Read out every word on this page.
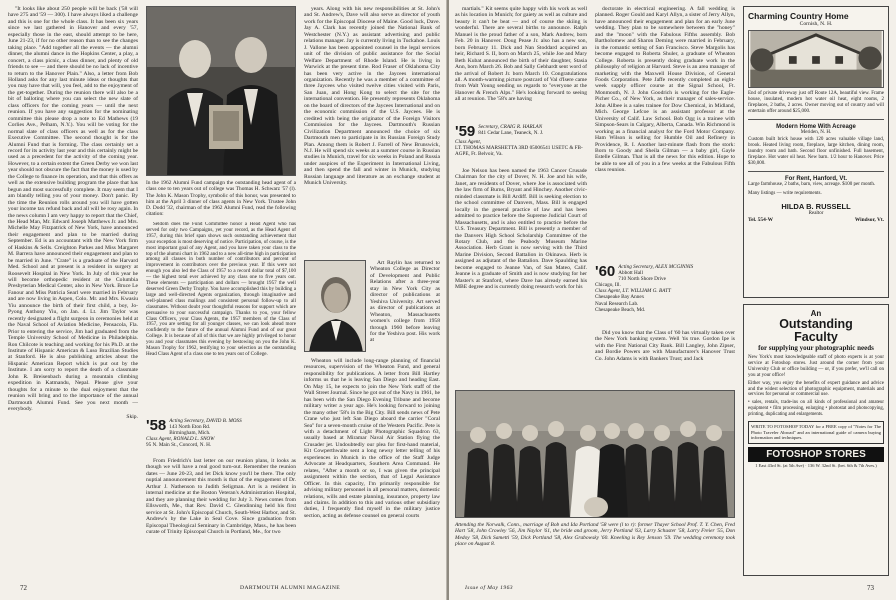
"It looks like about 250 people will be back ('58 will have 275 and '59 — 300). I have always liked a challenge and this is one for the whole class. It has been six years since we last gathered in Hanover and every '57, especially those in the east, should attempt to be here, June 21-23, if for no other reason than to see the changes taking place. "Add together all the events — the alumni dinner, the alumni dance in the Hopkins Center, a play, a concert, a class picnic, a class dinner, and plenty of old friends to see — and there should be no lack of incentive to return to the Hanover Plain." Also, a letter from Bob Holland asks for any last minute ideas or thoughts that you may have that will, you feel, add to the enjoyment of the get-together. During the reunion there will also be a bit of balloting where you can select the new slate of class officers for the coming years — until the next reunion. If you have any suggestion for the nominating committee this please drop a note to Ed Mathews (19 Corlies Ave., Pelham, N.Y.). You will be voting for the normal slate of class officers as well as for the class Executive Committee. The second thought is for the Alumni Fund that is forming. The class certainly set a record for its activity last year and this certainly might be used as a precedent for the activity of the coming year. However, to a certain extent the Green Derby we won last year should not obscure the fact that the money is used by the College to finance its operation, and that this offers as well as the extensive building program the place that has begun and most successfully complete. It may seem that I am blandly telling you of your money. Don't panic. By the time the Reunion rolls around you will have gotten your income tax refund back and all will be rosy again. In the news column I am very happy to report that the Chief, the Head Man, Mr. Edward Joseph Matthews Jr. and Mrs. Michelle May Fitzpatrick of New York, have announced their engagement and plan to be married during September. Ed is an accountant with the New York firm of Haskins & Sells. Creighton Parkes and Miss Margaret M. Barrera have announced their engagement and plan to be married in June. "Crate" is a graduate of the Harvard Med. School and at present is a resident in surgery at Roosevelt Hospital in New York. In July of this year he will become orthopedic resident at the Columbia Presbyterian Medical Center, also in New York. Bruce Le Fanour and Miss Patricia Searl were married in February and are now living in Aspen, Colo. Mr. and Mrs. Kwasiu Yiu announce the birth of their first child, a boy, Jo-Pyong Anthony Yiu, on Jan. 4. Lt. Jim Taylor was recently designated a flight surgeon in ceremonies held at the Naval School of Aviation Medicine, Pensacola, Fla. Prior to entering the service, Jim had graduated from the Temple University School of Medicine in Philadelphia. Ron Chilcote is teaching and working for his Ph.D. at the Institute of Hispanic American & Luso Brazilian Studies at Stanford. He is also publishing articles about the Hispanic American Report which is put out by the Institute. I am sorry to report the death of a classmate John R. Breisenbach during a mountain climbing expedition in Katmandu, Nepal. Please give your thoughts for a minute to the dual enjoyment that the reunion will bring and to the importance of the annual Dartmouth Alumni Fund. See you next month — everybody.

Skip.

In the 1962 Alumni Fund campaign the outstanding head agent of a class one to ten years out of college was Thomas H. Schwarz '57 (l). The John K. Mason Trophy, symbolic of this honor, was presented to him at the April 3 dinner of class agents in New York. Trustee John D. Dodd '32, chairman of the 1962 Alumni Fund, read the following citation:

Seldom does the Fund Committee honor a Head Agent who has served for only two Campaigns, yet your record, as the Head Agent of 1957, during this brief span shows such outstanding achievement that your exception is most deserving of notice. Participation, of course, is the most important goal of any Agent, and you have taken your class to the top of the alumni chart in 1962 and to a new all-time high in participation among all classes in both number of contributors and percent of improvement in contributors over the previous year. If this were not enough you also led the Class of 1957 to a record dollar total of $7,100 — the highest total ever achieved by any class one to five years out. These elements — participation and dollars — brought 1957 the well deserved Green Derby Trophy. You have accomplished this by building a large and well-directed Agents organization, through imaginative and well-planned class mailings and consistent personal follow-up to all classmates. Without doubt your thoughtful reasons for support which are persuasive to your successful campaign. Thanks to you, your fellow Class Officers, your Class Agents, the 1957 members of the Class of 1957, you are setting for all younger classes, we can look ahead more confidently to the future of the annual Alumni Fund and of our great College. It is because of all of this that we are highly privileged to honor you and your classmates this evening by bestowing on you the John K. Mason Trophy for 1962, testifying to your selection as the outstanding Head Class Agent of a class one to ten years out of College.

'58 Acting Secretary, DAVID B. MOSS
143 North Eton Rd.
Birmingham, Mich.
Class Agent, RONALD L. SNOW
95 N. Main St., Concord, N. H.

From Friedrich's last letter on our reunion plans, it looks as though we will have a real good turn-out. Remember the reunion dates — June 20-23, and let Dick know you'll be there. The only nuptial announcement this month is that of the engagement of Dr. Arthur J. Nathenson to Judith Seligman. Art is a resident in internal medicine at the Boston Veteran's Administration Hospital, and they are planning their wedding for July 3. News comes from Ellsworth, Me., that Rev. David C. Glendinning held his first service at St. John's Episcopal Church, South-West Harbor, and St. Andrew's by the Lake in Seal Cove. Since graduation from Episcopal Theological Seminary in Cambridge, Mass., he has been curate of Trinity Episcopal Church in Portland, Me., for two

years. Along with his new responsibilities at St. John's and St. Andrew's, Dave will also serve as director of youth work for the Episcopal Diocese of Maine. Good luck, Dave. Jay A. Clark has recently joined the National Bank of Westchester (N.Y.) as assistant advertising and public relations manager. Jay is currently living in Tuckahoe. Louis J. Vallone has been appointed counsel in the legal services unit of the division of public assistance for the Social Welfare Department of Rhode Island. He is living in Warwick at the present time. Rod Fraser of Oklahoma City has been very active in the Jaycees international organization. Recently he was a member of a committee of three Jaycees who visited twelve cities visited with Paris, San Juan, and Hong Kong to select the site for the international convention. He presently represents Oklahoma on the board of directors of the Jaycees International and on the economic commission of the U.S. Jaycees. He is credited with being the originator of the Foreign Visitors Commission for the Jaycees. Dartmouth's Russian Civilization Department announced the choice of six Dartmouth men to participate in its Russian Foreign Study Plan. Among them is Robert J. Farrell of New Brunswick, N.J. He will spend six weeks at a summer course in Russian studies in Munich, travel for six weeks in Poland and Russia under auspices of the Experiment in International Living, and then spend the fall and winter in Munich, studying Russian language and literature as an exchange student at Munich University.

Art Raylin has returned to Wheaton College as Director of Development and Public Relations after a three-year stay in New York City as director of publications at Yeshiva University. Art served as director of publications at Wheaton, Massachusetts women's college from 1958 through 1960 before leaving for the Yeshiva post. His work at

Wheaton will include long-range planning of financial resources, supervision of the Wheaton Fund, and general responsibility for publications. A letter from Bill Hartley informs us that he is leaving San Diego and heading East. On May 15, he expects to join the New York staff of the Wall Street Journal. Since he got out of the Navy in 1961, he has been with the San Diego Evening Tribune and become military writer a year ago. He's looking forward to joining the many other '58's in the Big City. Bill sends news of Pete Crane who just left San Diego aboard the carrier "Coral Sea" for a seven-month cruise of the Western Pacific. Pete is with a detachment of Light Photographic Squadron 63, usually based at Miramar Naval Air Station flying the Crusader jet. Undoubtedly our plea for first-hand material, Kit Cowperthwaite sent a long newsy letter telling of his experiences in Munich in the office of the Staff Judge Advocate at Headquarters, Southern Area Command. He relates, "After a month or so, I was given the principal assignment within the section, that of Legal Assistance Officer. In this capacity, I'm primarily responsible for advising military personnel in all personal matters, domestic relations, wills and estate planning, insurance, property law and claims. In addition to this and various other subsidiary duties, I frequently find myself in the military justice section, acting as defense counsel on general courts

72	DARTMOUTH ALUMNI MAGAZINE

martials." Kit seems quite happy with his work as well as his location in Munich; for gaiety as well as culture and beauty it can't be beat — and of course the skiing is wonderful. There are several births to announce. Ralph Manuel is the proud father of a son, Mark Andrew, born Feb. 20 in Hanover. Doug Pease Jr. also has a new son, born February 11. Dick and Nan Stoddard acquired an heir, Richard S. II, born on March 25, while Joe and Mary Beth Kubat announced the birth of their daughter, Stasia Ann, born March 26. Bob and Sally Gebhardt sent word of the arrival of Robert Jr. born March 10. Congratulations all. A month-warming picture postcard of Val d'Isere came from Walt Young sending us regards to "everyone at the Hanover & French Alps." He's looking forward to seeing all at reunion. The '58's are having

'59 Secretary, CRAIG R. HARLAN
841 Cedar Lane, Teaneck, N. J.
Class Agent,
LT. THOMAS MARSHETTA 3RD 05006541 USETC & FB-AGPE, Ft. Belvoir, Va.

Joe Nelson has been named the 1963 Cancer Crusade Chairman for the city of Dover, N. H. Joe and his wife, Janet, are residents of Dover, where Joe is associated with the law firm of Burns, Bryant and Hinchey. Another civic-minded classmate is Bill Ardiff. Bill is seeking election to the school committee of Danvers, Mass. Bill is engaged locally in the general practice of law and has been admitted to practice before the Supreme Judicial Court of Massachusetts, and is also entitled to practice before the U.S. Treasury Department. Bill is presently a member of the Danvers High School Scholarship Committee of the Rotary Club, and the Peabody Museum Marine Association. Herb Grant is now serving with the Third Marine Division, Second Battalion in Okinawa. Herb is assigned as adjutant of the Battalion. Dave Spaulding has become engaged to Jeanne Van, of San Mateo, Calif. Jeanne is a graduate of Smith and is now studying for her Master's at Stanford, where Dave has already earned his MBE degree and is currently doing research work for his

doctorate in electrical engineering. A fall wedding is planned. Roger Gould and Karyl Allyn, a sister of Jerry Allyn, have announced their engagement and plan for an early June wedding. They plan to be somewhere between the "honey" and the "moon" with the Fabulous Fifths assembly. Bob Bartholomew and Sharon Deming were married in February, in the romantic setting of San Francisco. Steve Margolis has become engaged to Roberta Shuler, a graduate of Wheaton College. Roberta is presently doing graduate work in the philosophy of religion at Harvard. Steve is an area manager of marketing with the Maxwell House Division, of General Foods Corporation. Pete Jaffe recently completed an eight-week supply officer course at the Signal School, Ft. Monmouth, N. J. John Goodrich is working for the Eagle-Picher Co., of New York, as their manager of sales-service. John Allbee is a sales trainee for Dow Chemical, in Midland, Mich. George Lefcoe is an assistant professor at the University of Calif. Law School. Bob Ogg is a trainee with Simpson-Sears in Calgary, Alberta, Canada. Win Richmond is working as a financial analyst for the Ford Motor Company. Ham Wilson is selling for Humble Oil and Refinery in Providence, R. I. Another last-minute flash from the stork: Born to Goody and Sheila Gilman — a baby girl, Gayle Estelle Gilman. That is all the news for this edition. Hope to be able to see all of you in a few weeks at the Fabulous Fifth class reunion.

'60 Acting Secretary, ALEX MCGINNIS
Abbott Hall
710 North Shore Drive
Chicago, Ill.
Class Agent, LT. WILLIAM G. BATT
Chesapeake Bay Annex
Naval Research Lab.
Chesapeake Beach, Md.

Did you know that the Class of '60 has virtually taken over the New York banking system. Well 'tis true. Gordon Ipe is with the First National City Bank. Bill Langley, John Zipser, and Bordie Powers are with Manufacturer's Hanover Trust Co. John Adams is with Bankers Trust; and Jack

Attending the Norwalk, Conn., marriage of Bob and Ida Portland '58 were (l to r): former Thayer School Prof. T. Y. Chen, Fred Hart '58, John Crowley '56, Jim Naylor '61, the bride and groom, Jerry Portland '63, Larry Schuster '58, Larry Freier '55, Don Medoy '58, Dick Sametti '59, Dick Portland '58, Alex Grabowsky '60. Kneeling is Rey Jenson '59. The wedding ceremony took place on August 8.
Charming Country Home
Cornish, N. H.
End of private driveway just off Route 12A, beautiful view. Frame house, insulated, modern hot water oil heat, eight rooms, 2 fireplaces, 2 baths, 2 acres. Owner moving out of country and will entertain offer around $25,000.
Modern Home With Acreage
Meriden, N. H.
Custom built brick house with 120 acres valuable village land, brook. Heated living room, fireplace, large kitchen, dining room, laundry room and bath. Second floor unfinished. Full basement, fireplace. Hot water oil heat. New barn. 1/2 hour to Hanover. Price $30,000.
For Rent, Hanford, Vt.
Large farmhouse, 2 baths, barn, view, acreage. $100 per month.
Many listings — write requirements.
HILDA B. RUSSELL
Realtor
Tel. 554-W	Windsor, Vt.
An
Outstanding
Faculty
for supplying your photographic needs
New York's most knowledgeable staff of photo experts is at your service at Fotoshop stores. Just around the corner from your University Club or office building — or, if you prefer, we'll call on you at your office!
Either way, you enjoy the benefits of expert guidance and advice and the widest selection of photographic equipment, materials and services for personal or commercial use.
• sales, rentals, trade-ins on all kinds of professional and amateur equipment • film processing, enlarging • photostat and photocopying, printing, duplicating and enlargements.
WRITE TO FOTOSHOP TODAY for a FREE copy of "Notes for The Photo Traveler Abroad" and an international guide of camera buying information and techniques.
FOTOSHOP STORES
1 East 43rd St. (at 5th Ave) · 136 W. 32nd St. (bet. 6th & 7th Aves.)
Issue of May 1963	73
